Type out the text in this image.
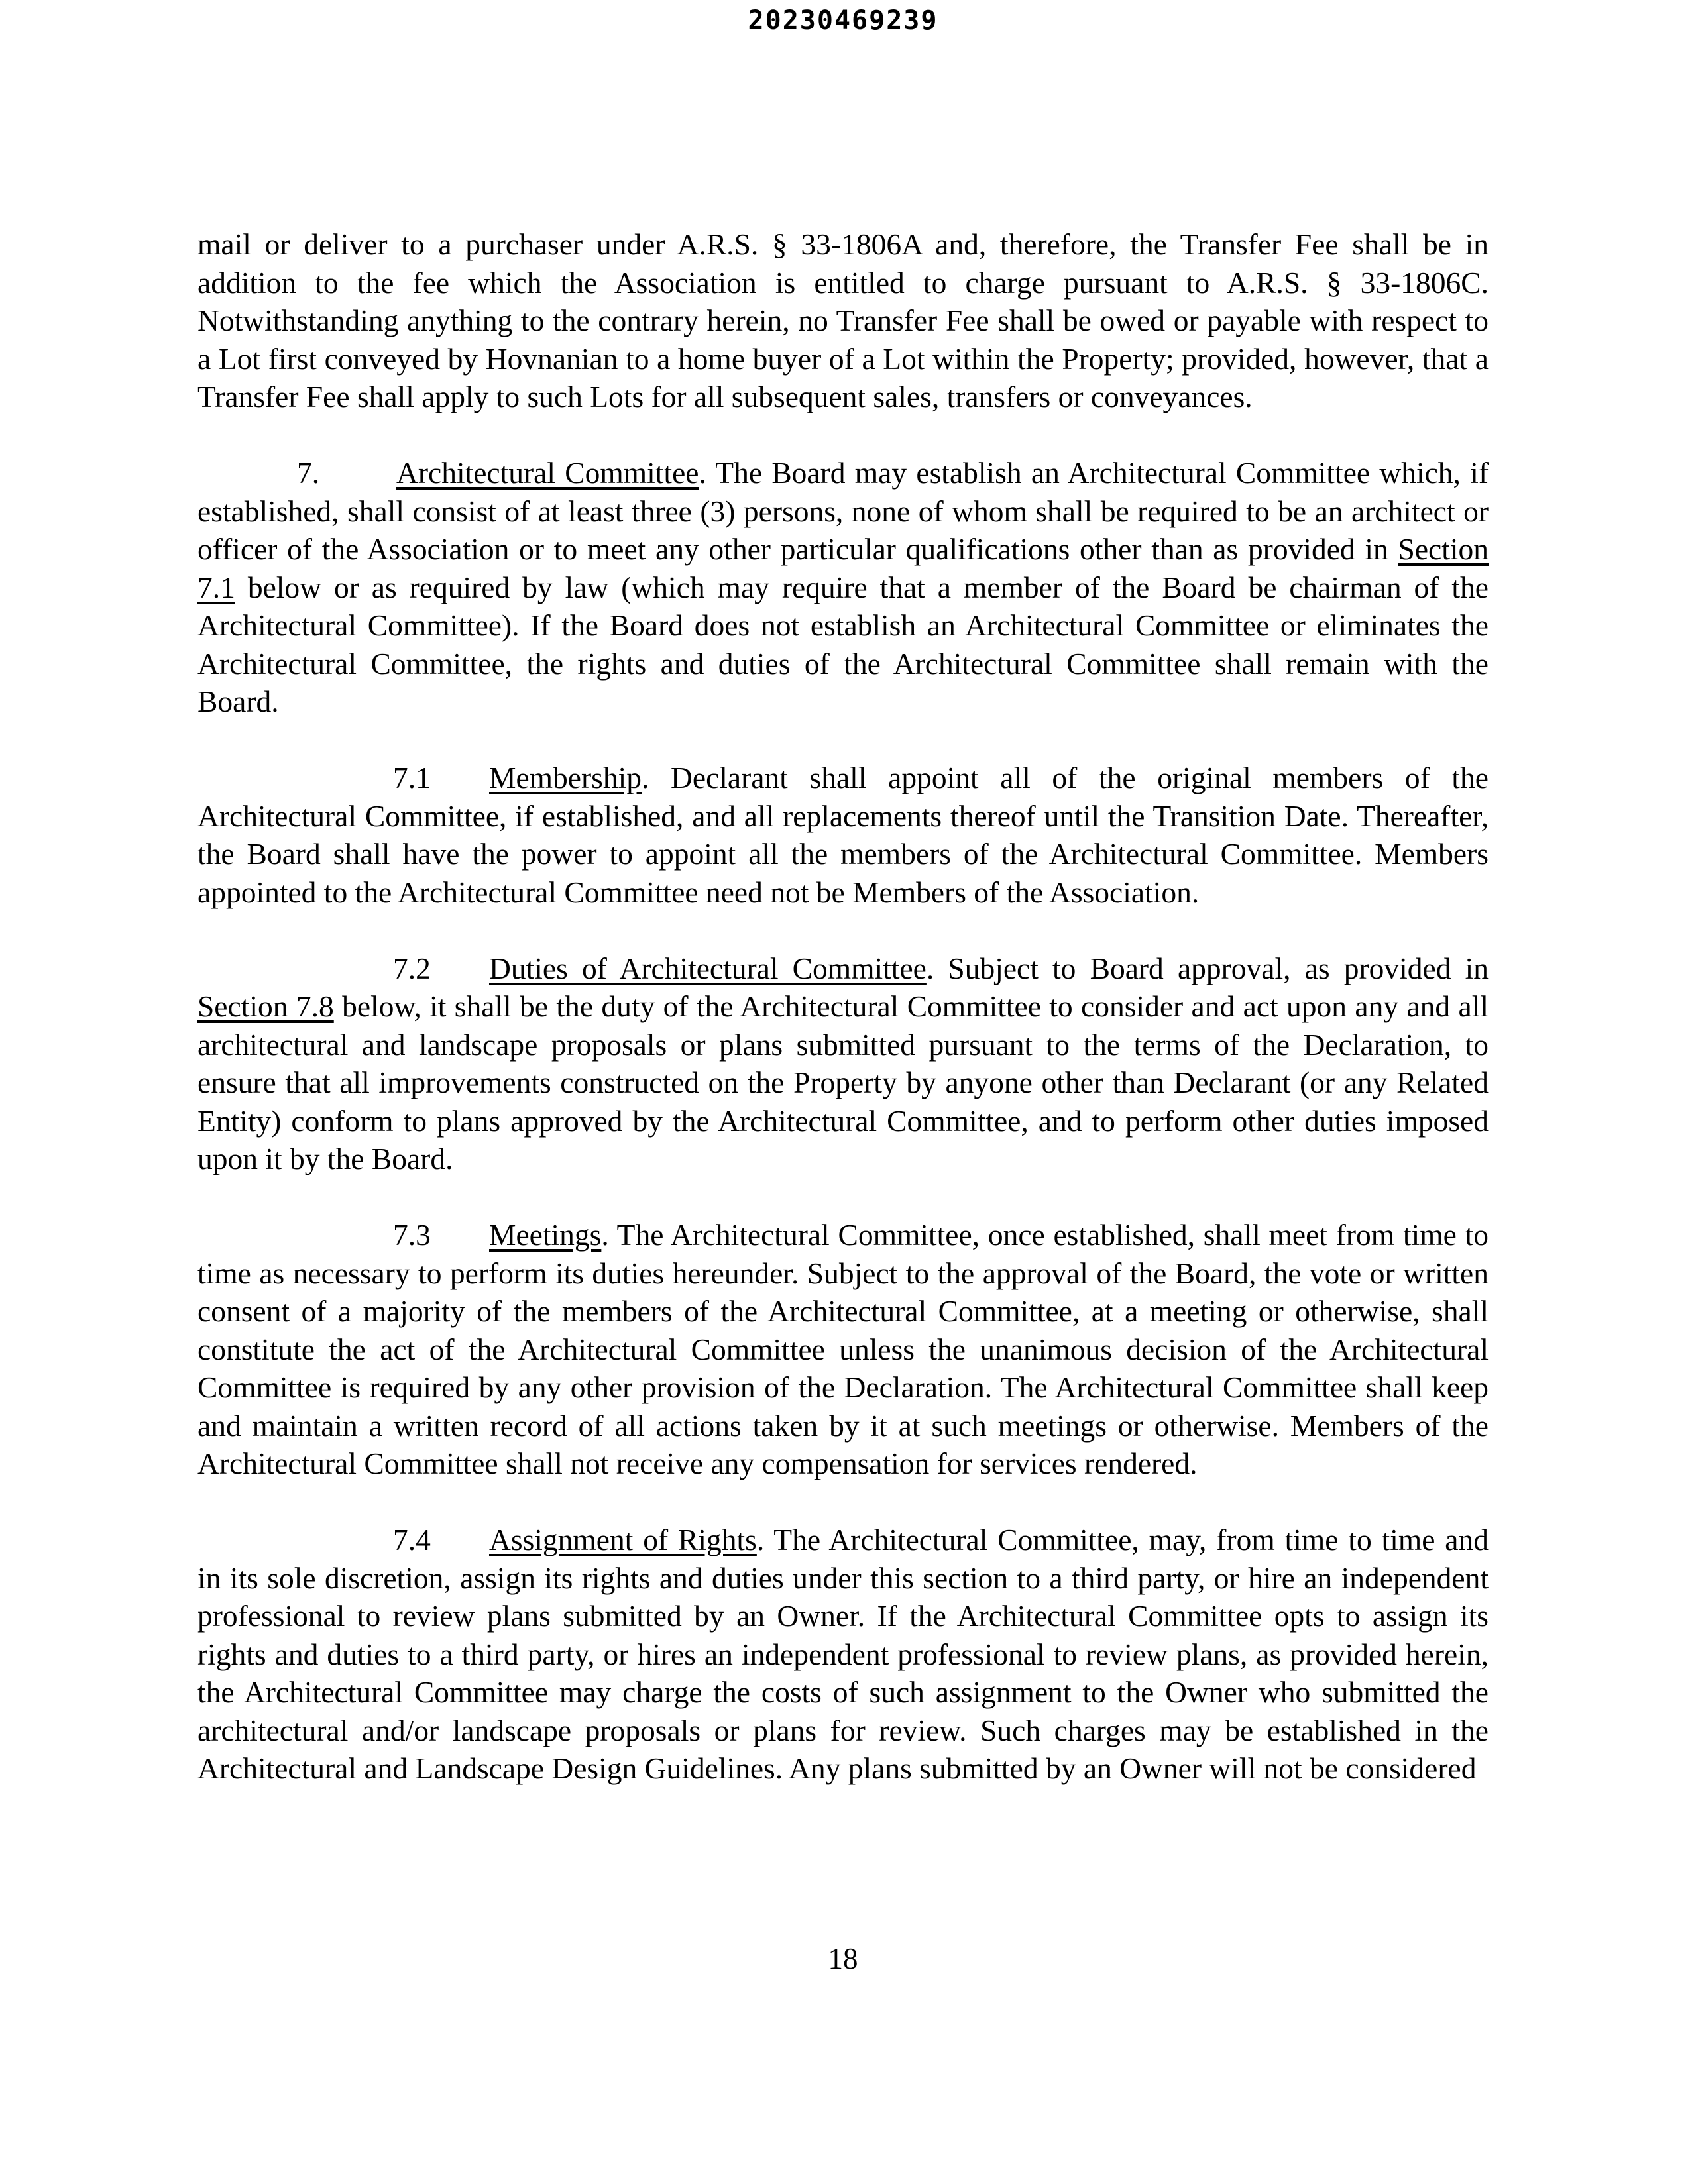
20230469239

mail or deliver to a purchaser under A.R.S. § 33-1806A and, therefore, the Transfer Fee shall be in addition to the fee which the Association is entitled to charge pursuant to A.R.S. § 33-1806C. Notwithstanding anything to the contrary herein, no Transfer Fee shall be owed or payable with respect to a Lot first conveyed by Hovnanian to a home buyer of a Lot within the Property; provided, however, that a Transfer Fee shall apply to such Lots for all subsequent sales, transfers or conveyances.

7.	Architectural Committee. The Board may establish an Architectural Committee which, if established, shall consist of at least three (3) persons, none of whom shall be required to be an architect or officer of the Association or to meet any other particular qualifications other than as provided in Section 7.1 below or as required by law (which may require that a member of the Board be chairman of the Architectural Committee). If the Board does not establish an Architectural Committee or eliminates the Architectural Committee, the rights and duties of the Architectural Committee shall remain with the Board.

7.1 Membership. Declarant shall appoint all of the original members of the Architectural Committee, if established, and all replacements thereof until the Transition Date. Thereafter, the Board shall have the power to appoint all the members of the Architectural Committee. Members appointed to the Architectural Committee need not be Members of the Association.

7.2 Duties of Architectural Committee. Subject to Board approval, as provided in Section 7.8 below, it shall be the duty of the Architectural Committee to consider and act upon any and all architectural and landscape proposals or plans submitted pursuant to the terms of the Declaration, to ensure that all improvements constructed on the Property by anyone other than Declarant (or any Related Entity) conform to plans approved by the Architectural Committee, and to perform other duties imposed upon it by the Board.

7.3 Meetings. The Architectural Committee, once established, shall meet from time to time as necessary to perform its duties hereunder. Subject to the approval of the Board, the vote or written consent of a majority of the members of the Architectural Committee, at a meeting or otherwise, shall constitute the act of the Architectural Committee unless the unanimous decision of the Architectural Committee is required by any other provision of the Declaration. The Architectural Committee shall keep and maintain a written record of all actions taken by it at such meetings or otherwise. Members of the Architectural Committee shall not receive any compensation for services rendered.

7.4 Assignment of Rights. The Architectural Committee, may, from time to time and in its sole discretion, assign its rights and duties under this section to a third party, or hire an independent professional to review plans submitted by an Owner. If the Architectural Committee opts to assign its rights and duties to a third party, or hires an independent professional to review plans, as provided herein, the Architectural Committee may charge the costs of such assignment to the Owner who submitted the architectural and/or landscape proposals or plans for review. Such charges may be established in the Architectural and Landscape Design Guidelines. Any plans submitted by an Owner will not be considered

18
